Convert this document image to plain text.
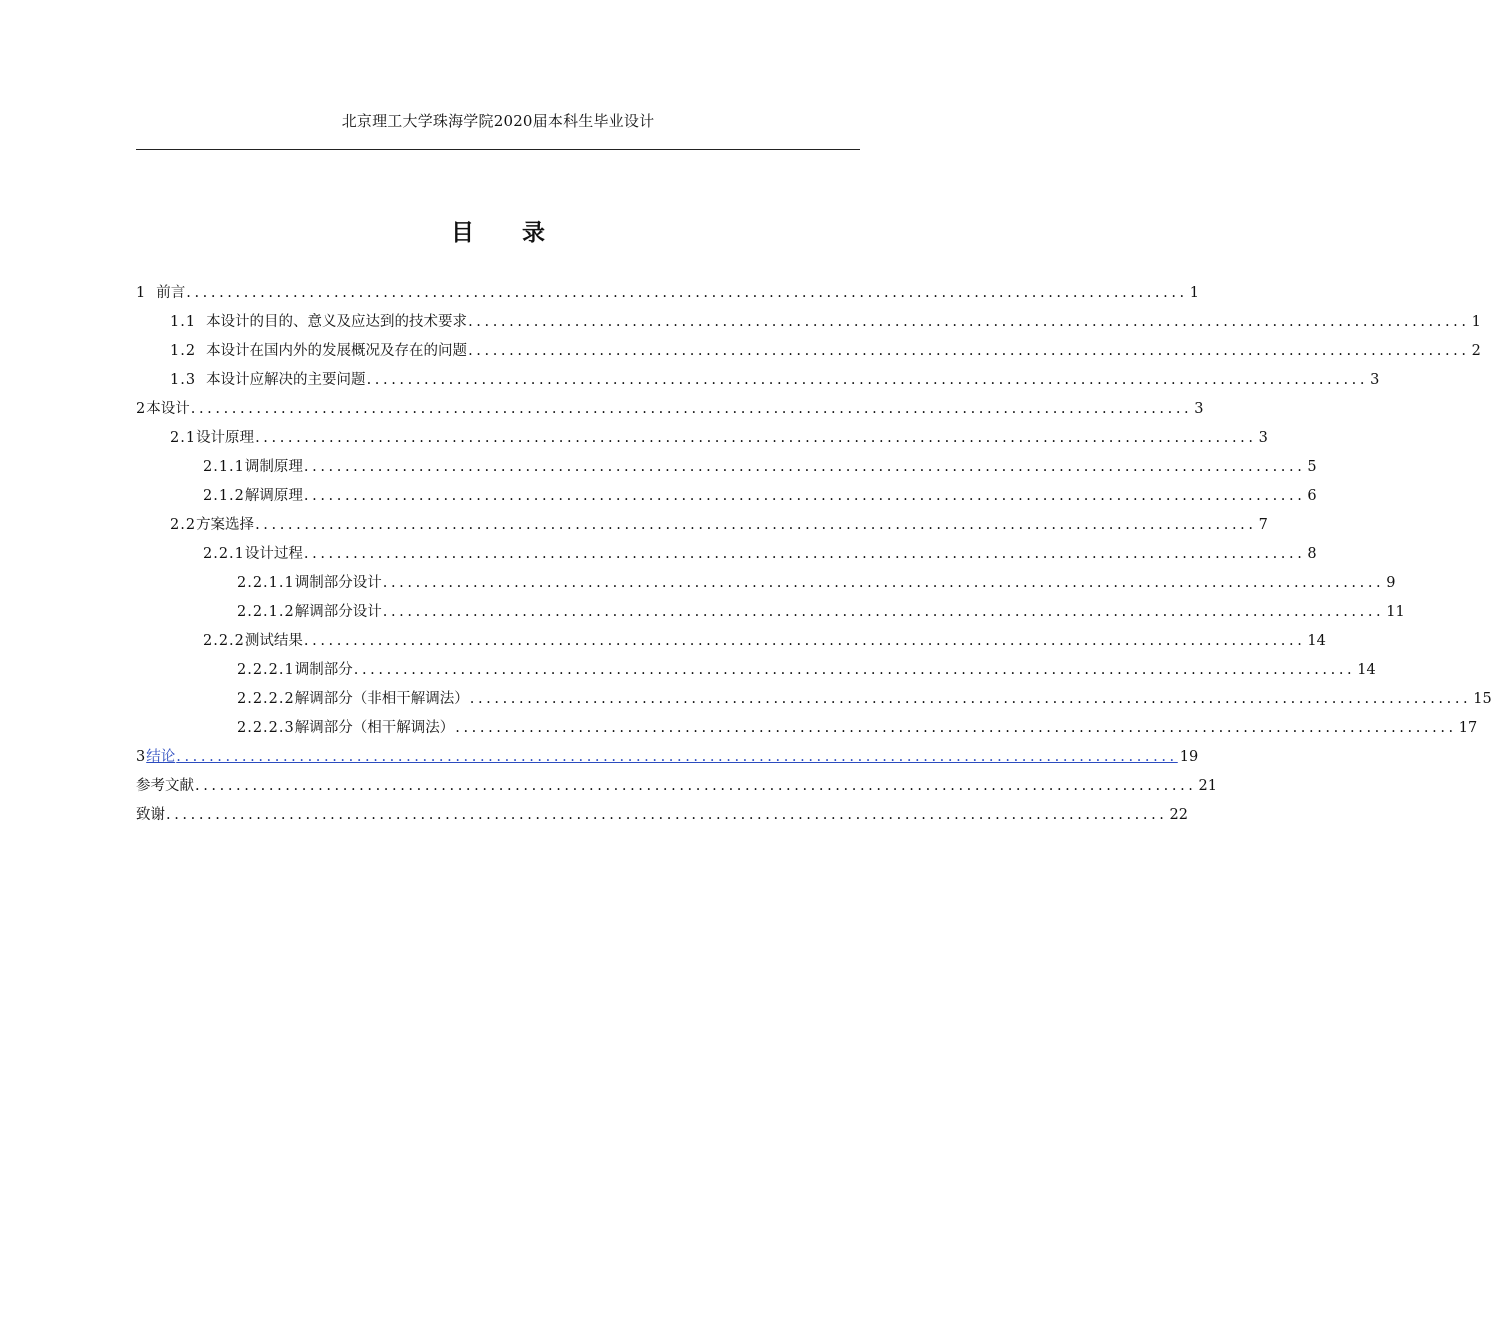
北京理工大学珠海学院2020届本科生毕业设计
目 录
1 前言 .......................................................................................................................... 1
1.1 本设计的目的、意义及应达到的技术要求 .......................................................................................................................... 1
1.2 本设计在国内外的发展概况及存在的问题 .......................................................................................................................... 2
1.3 本设计应解决的主要问题 .......................................................................................................................... 3
2 本设计 .......................................................................................................................... 3
2.1 设计原理 .......................................................................................................................... 3
2.1.1 调制原理 .......................................................................................................................... 5
2.1.2 解调原理 .......................................................................................................................... 6
2.2 方案选择 .......................................................................................................................... 7
2.2.1 设计过程 .......................................................................................................................... 8
2.2.1.1 调制部分设计 .......................................................................................................................... 9
2.2.1.2 解调部分设计 .......................................................................................................................... 11
2.2.2 测试结果 .......................................................................................................................... 14
2.2.2.1 调制部分 .......................................................................................................................... 14
2.2.2.2 解调部分（非相干解调法） .......................................................................................................................... 15
2.2.2.3 解调部分（相干解调法） .......................................................................................................................... 17
3 结论 .......................................................................................................................... 19
参考文献 .......................................................................................................................... 21
致谢 .......................................................................................................................... 22
